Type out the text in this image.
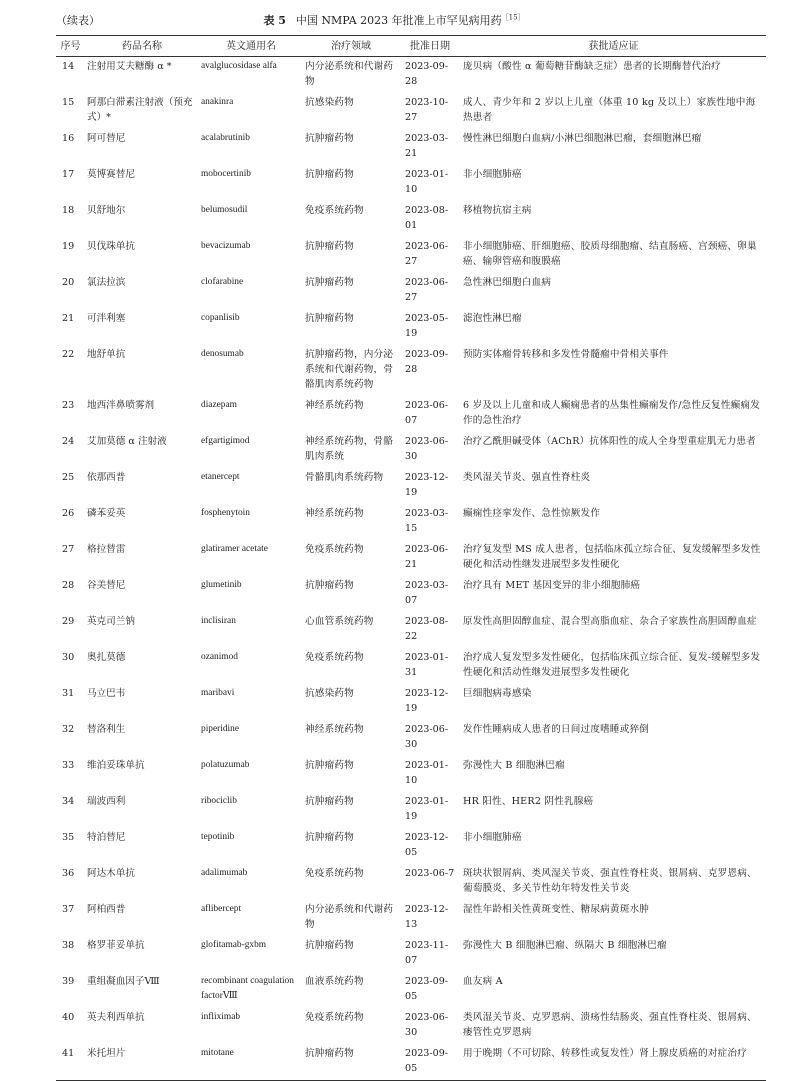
（续表）	表 5 中国 NMPA 2023 年批准上市罕见病用药$^{[15]}$
序号	药品名称	英文通用名	治疗领域	批准日期	获批适应证
14	注射用艾夫糖酶 α *	avalglucosidase alfa	内分泌系统和代谢药物	2023-09-28	庞贝病（酸性 α 葡萄糖苷酶缺乏症）患者的长期酶替代治疗
15	阿那白滞素注射液（预充式）*	anakinra	抗感染药物	2023-10-27	成人、青少年和 2 岁以上儿童（体重 10 kg 及以上）家族性地中海热患者
16	阿可替尼	acalabrutinib	抗肿瘤药物	2023-03-21	慢性淋巴细胞白血病/小淋巴细胞淋巴瘤，套细胞淋巴瘤
17	莫博赛替尼	mobocertinib	抗肿瘤药物	2023-01-10	非小细胞肺癌
18	贝舒地尔	belumosudil	免疫系统药物	2023-08-01	移植物抗宿主病
19	贝伐珠单抗	bevacizumab	抗肿瘤药物	2023-06-27	非小细胞肺癌、肝细胞癌、胶质母细胞瘤、结直肠癌、宫颈癌、卵巢癌、输卵管癌和腹膜癌
20	氯法拉滨	clofarabine	抗肿瘤药物	2023-06-27	急性淋巴细胞白血病
21	可泮利塞	copanlisib	抗肿瘤药物	2023-05-19	滤泡性淋巴瘤
22	地舒单抗	denosumab	抗肿瘤药物，内分泌系统和代谢药物，骨骼肌肉系统药物	2023-09-28	预防实体瘤骨转移和多发性骨髓瘤中骨相关事件
23	地西泮鼻喷雾剂	diazepam	神经系统药物	2023-06-07	6 岁及以上儿童和成人癫痫患者的丛集性癫痫发作/急性反复性癫痫发作的急性治疗
24	艾加莫德 α 注射液	efgartigimod	神经系统药物，骨骼肌肉系统	2023-06-30	治疗乙酰胆碱受体（AChR）抗体阳性的成人全身型重症肌无力患者
25	依那西普	etanercept	骨骼肌肉系统药物	2023-12-19	类风湿关节炎、强直性脊柱炎
26	磷苯妥英	fosphenytoin	神经系统药物	2023-03-15	癫痫性痉挛发作、急性惊厥发作
27	格拉替雷	glatiramer acetate	免疫系统药物	2023-06-21	治疗复发型 MS 成人患者，包括临床孤立综合征、复发缓解型多发性硬化和活动性继发进展型多发性硬化
28	谷美替尼	glumetinib	抗肿瘤药物	2023-03-07	治疗具有 MET 基因变异的非小细胞肺癌
29	英克司兰钠	inclisiran	心血管系统药物	2023-08-22	原发性高胆固醇血症、混合型高脂血症、杂合子家族性高胆固醇血症
30	奥扎莫德	ozanimod	免疫系统药物	2023-01-31	治疗成人复发型多发性硬化，包括临床孤立综合征、复发-缓解型多发性硬化和活动性继发进展型多发性硬化
31	马立巴韦	maribavi	抗感染药物	2023-12-19	巨细胞病毒感染
32	替洛利生	piperidine	神经系统药物	2023-06-30	发作性睡病成人患者的日间过度嗜睡或猝倒
33	维泊妥珠单抗	polatuzumab	抗肿瘤药物	2023-01-10	弥漫性大 B 细胞淋巴瘤
34	瑞波西利	ribociclib	抗肿瘤药物	2023-01-19	HR 阳性、HER2 阴性乳腺癌
35	特泊替尼	tepotinib	抗肿瘤药物	2023-12-05	非小细胞肺癌
36	阿达木单抗	adalimumab	免疫系统药物	2023-06-7	斑块状银屑病、类风湿关节炎、强直性脊柱炎、银屑病、克罗恩病、葡萄膜炎、多关节性幼年特发性关节炎
37	阿柏西普	aflibercept	内分泌系统和代谢药物	2023-12-13	湿性年龄相关性黄斑变性、糖尿病黄斑水肿
38	格罗菲妥单抗	glofitamab-gxbm	抗肿瘤药物	2023-11-07	弥漫性大 B 细胞淋巴瘤、纵隔大 B 细胞淋巴瘤
39	重组凝血因子Ⅷ	recombinant coagulation factorⅧ	血液系统药物	2023-09-05	血友病 A
40	英夫利西单抗	infliximab	免疫系统药物	2023-06-30	类风湿关节炎、克罗恩病、溃疡性结肠炎、强直性脊柱炎、银屑病、瘘管性克罗恩病
41	米托坦片	mitotane	抗肿瘤药物	2023-09-05	用于晚期（不可切除、转移性或复发性）肾上腺皮质癌的对症治疗
